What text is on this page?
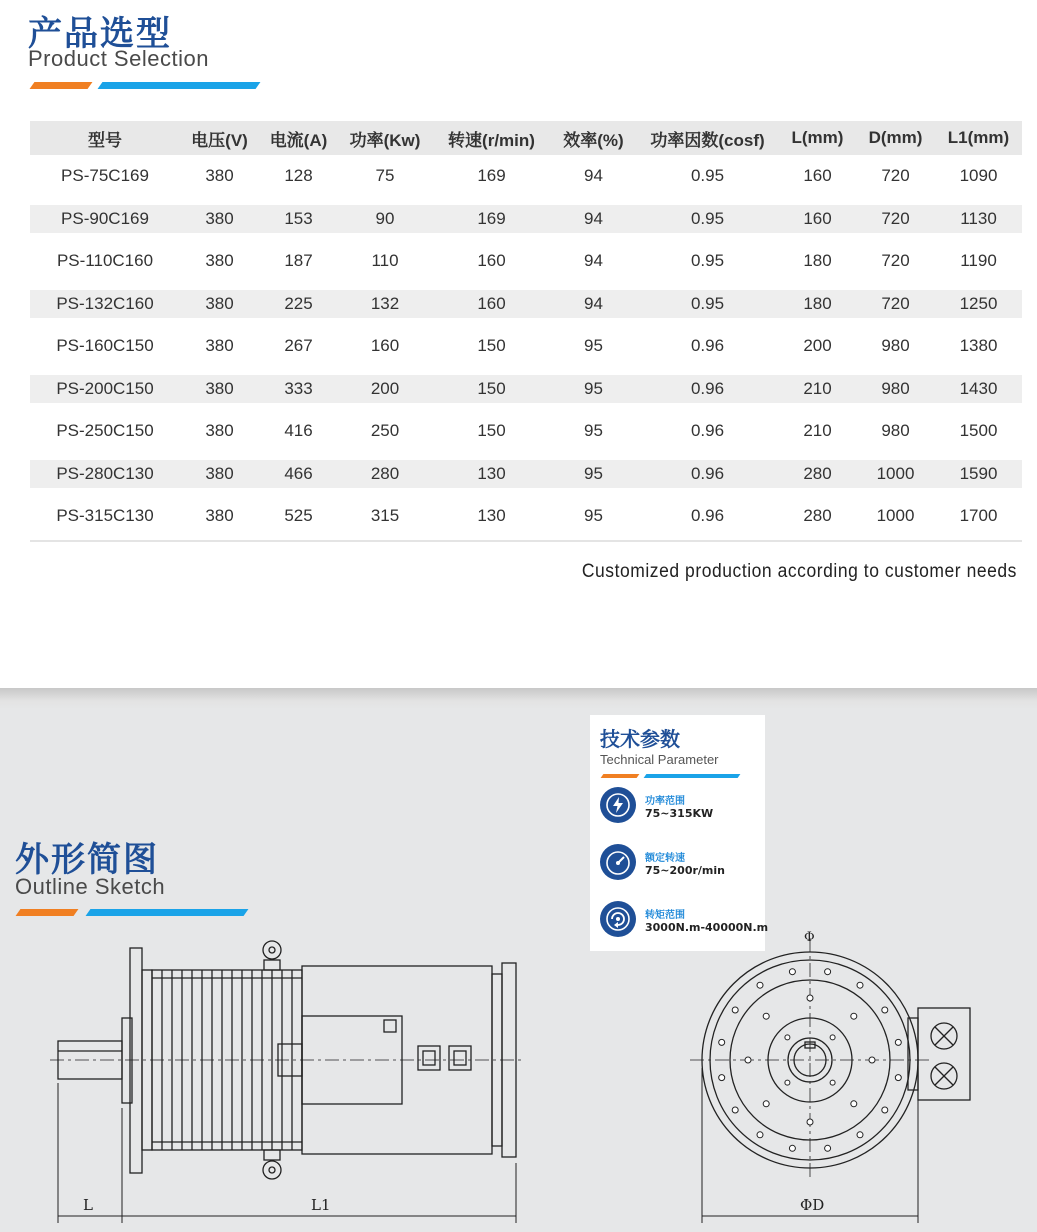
产品选型
Product Selection
型号	电压(V)	电流(A)	功率(Kw)	转速(r/min)	效率(%)	功率因数(cosf)	L(mm)	D(mm)	L1(mm)
PS-75C169	380	128	75	169	94	0.95	160	720	1090
PS-90C169	380	153	90	169	94	0.95	160	720	1130
PS-110C160	380	187	110	160	94	0.95	180	720	1190
PS-132C160	380	225	132	160	94	0.95	180	720	1250
PS-160C150	380	267	160	150	95	0.96	200	980	1380
PS-200C150	380	333	200	150	95	0.96	210	980	1430
PS-250C150	380	416	250	150	95	0.96	210	980	1500
PS-280C130	380	466	280	130	95	0.96	280	1000	1590
PS-315C130	380	525	315	130	95	0.96	280	1000	1700
Customized production according to customer needs
外形简图
Outline Sketch
技术参数
Technical Parameter
功率范围
75~315KW
额定转速
75~200r/min
转矩范围
3000N.m-40000N.m
L	L1	ΦD
Φ
